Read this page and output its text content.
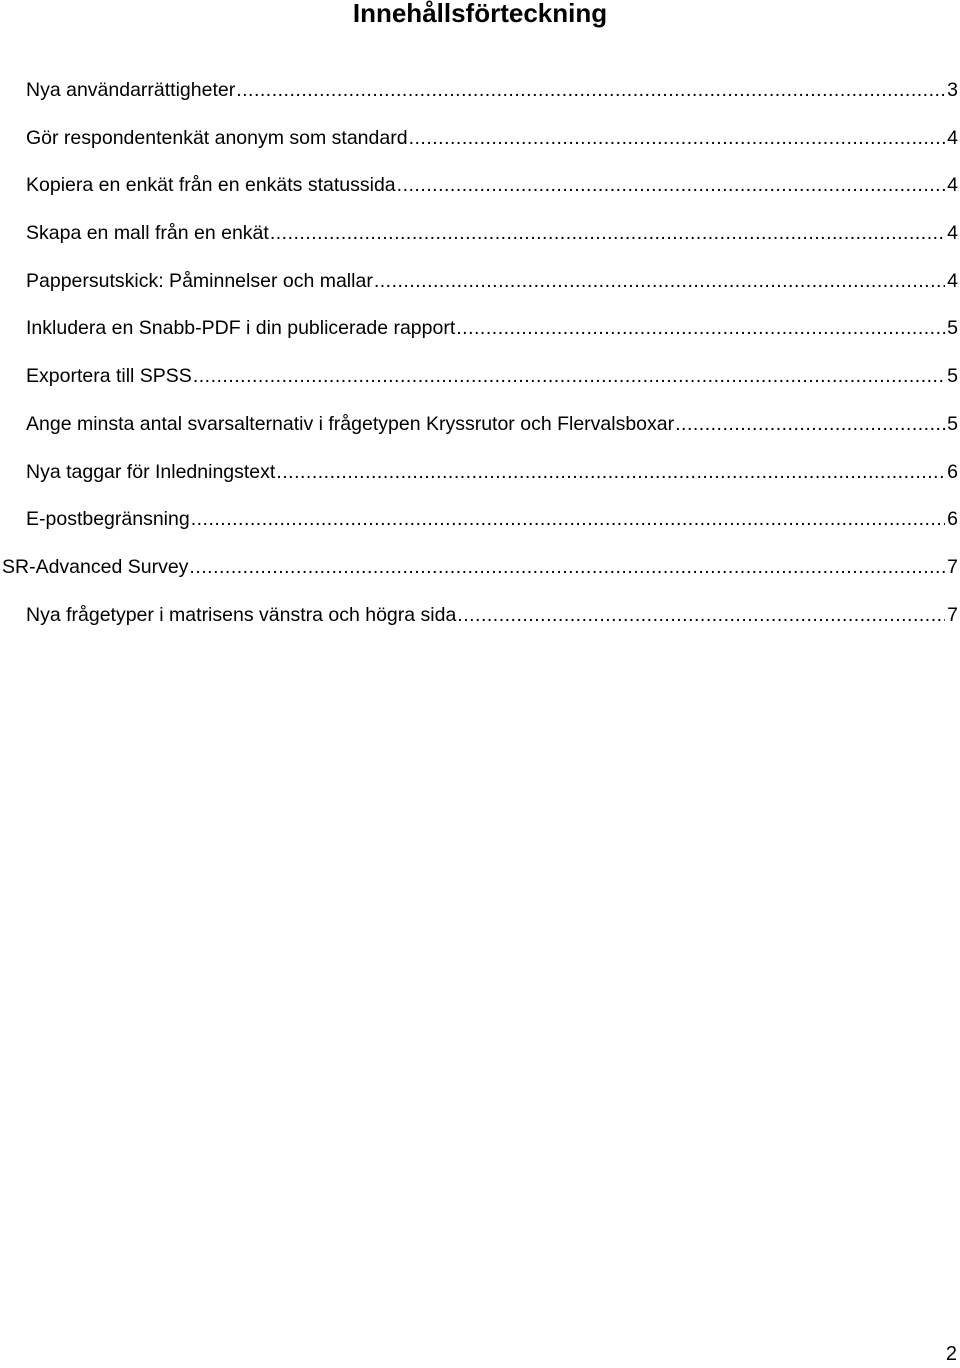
Innehållsförteckning
Nya användarrättigheter .....	3
Gör respondentenkät anonym som standard .....	4
Kopiera en enkät från en enkäts statussida .....	4
Skapa en mall från en enkät .....	4
Pappersutskick: Påminnelser och mallar .....	4
Inkludera en Snabb-PDF i din publicerade rapport .....	5
Exportera till SPSS .....	5
Ange minsta antal svarsalternativ i frågetypen Kryssrutor och Flervalsboxar .....	5
Nya taggar för Inledningstext .....	6
E-postbegränsning .....	6
SR-Advanced Survey .....	7
Nya frågetyper i matrisens vänstra och högra sida .....	7
2
